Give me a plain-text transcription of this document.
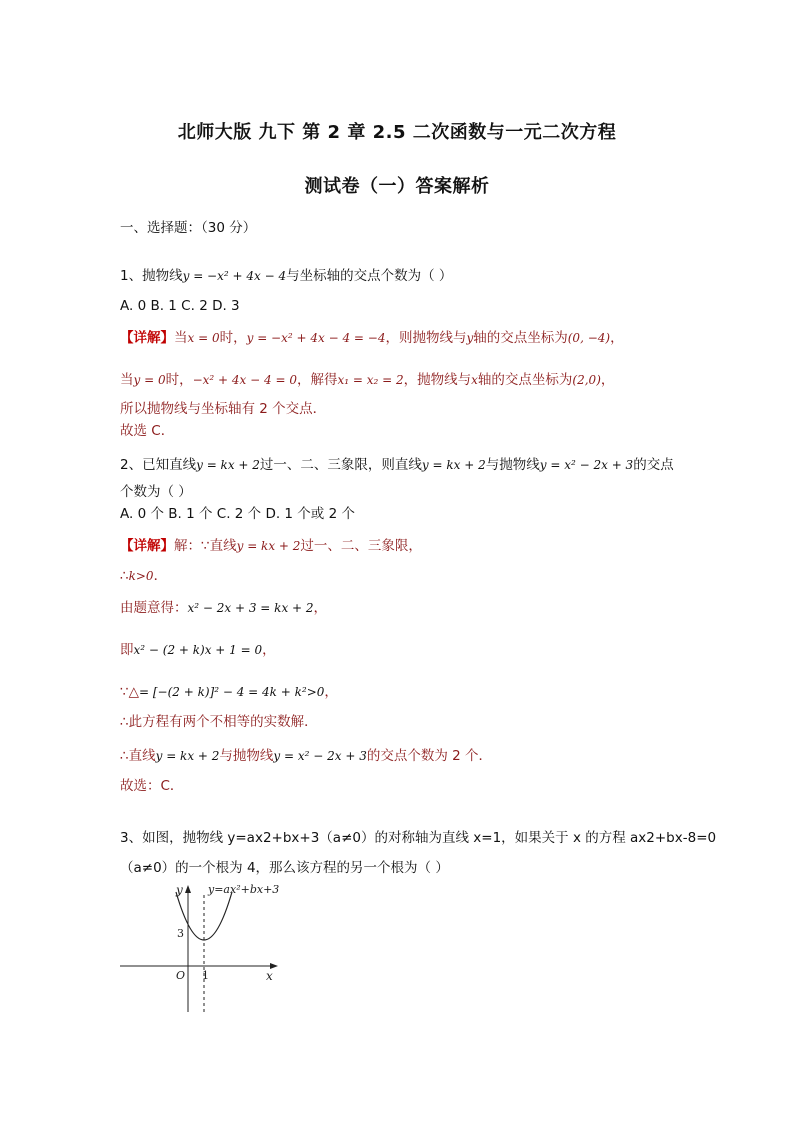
北师大版 九下 第 2 章 2.5 二次函数与一元二次方程
测试卷（一）答案解析
一、选择题：（30 分）
1、抛物线y = −x² + 4x − 4与坐标轴的交点个数为（ ）
A. 0 B. 1 C. 2 D. 3
【详解】当x = 0时，y = −x² + 4x − 4 = −4，则抛物线与y轴的交点坐标为(0, −4)，
当y = 0时，−x² + 4x − 4 = 0，解得x₁ = x₂ = 2，抛物线与x轴的交点坐标为(2,0)，
所以抛物线与坐标轴有 2 个交点．
故选 C．
2、已知直线y = kx + 2过一、二、三象限，则直线y = kx + 2与抛物线y = x² − 2x + 3的交点
个数为（ ）
A. 0 个 B. 1 个 C. 2 个 D. 1 个或 2 个
【详解】解：∵直线y = kx + 2过一、二、三象限，
∴k>0．
由题意得：x² − 2x + 3 = kx + 2，
即x² − (2 + k)x + 1 = 0，
∵△= [−(2 + k)]² − 4 = 4k + k²>0，
∴此方程有两个不相等的实数解．
∴直线y = kx + 2与抛物线y = x² − 2x + 3的交点个数为 2 个．
故选：C．
3、如图，抛物线 y=ax2+bx+3（a≠0）的对称轴为直线 x=1，如果关于 x 的方程 ax2+bx-8=0
（a≠0）的一个根为 4，那么该方程的另一个根为（ ）
y
x
O 1
3
y=ax²+bx+3
